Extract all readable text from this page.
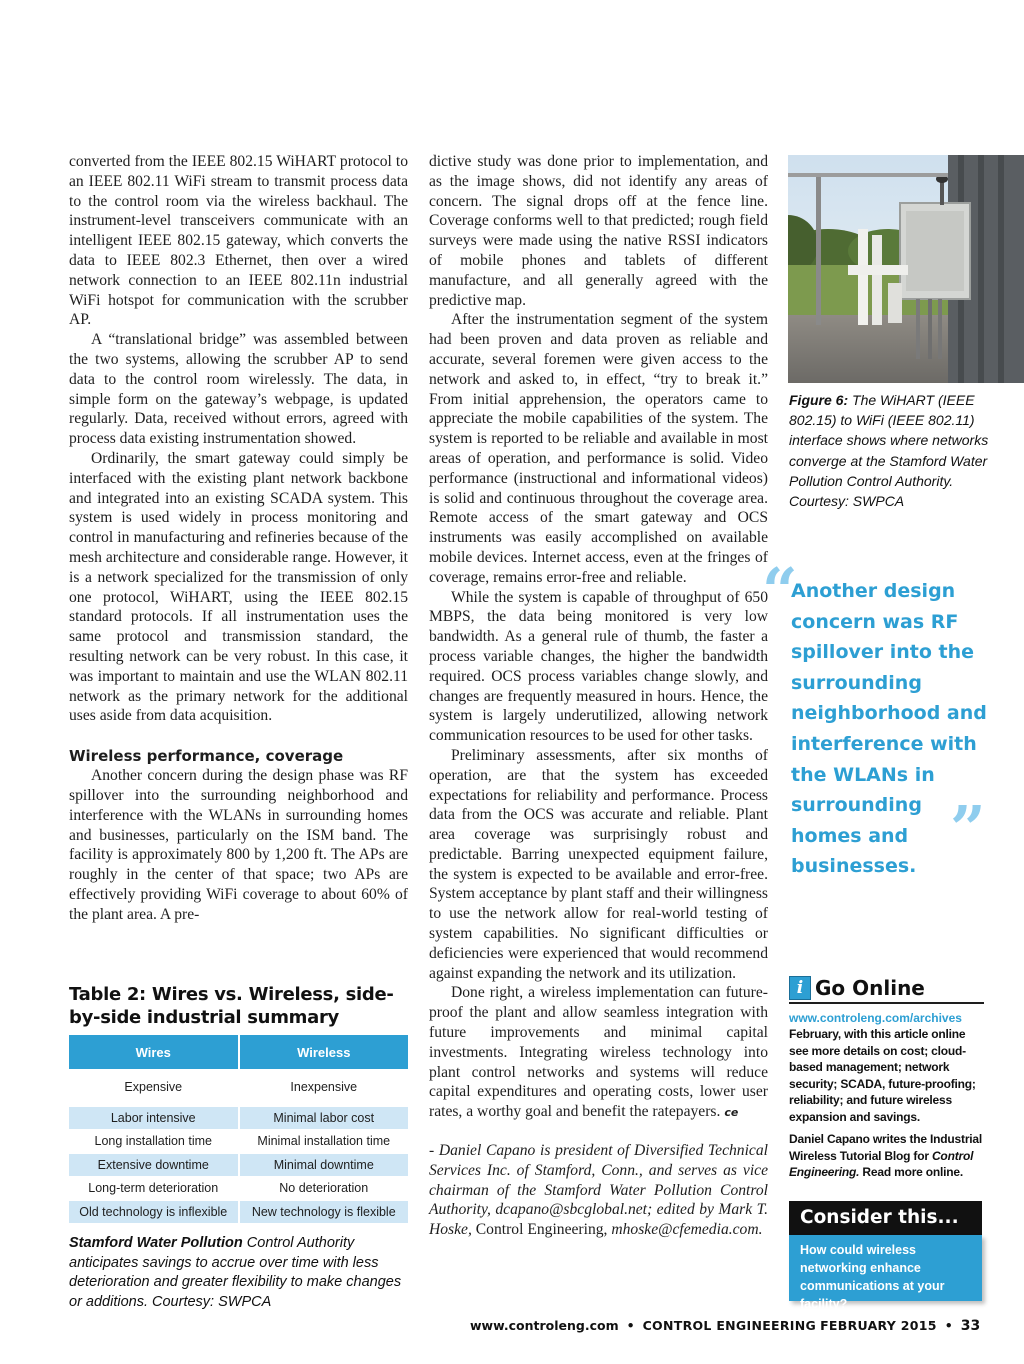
converted from the IEEE 802.15 WiHART protocol to an IEEE 802.11 WiFi stream to transmit process data to the control room via the wireless backhaul. The instrument-level transceivers communicate with an intelligent IEEE 802.15 gateway, which converts the data to IEEE 802.3 Ethernet, then over a wired network connection to an IEEE 802.11n industrial WiFi hotspot for communication with the scrubber AP.

A “translational bridge” was assembled between the two systems, allowing the scrubber AP to send data to the control room wirelessly. The data, in simple form on the gateway’s webpage, is updated regularly. Data, received without errors, agreed with process data existing instrumentation showed.

Ordinarily, the smart gateway could simply be interfaced with the existing plant network backbone and integrated into an existing SCADA system. This system is used widely in process monitoring and control in manufacturing and refineries because of the mesh architecture and considerable range. However, it is a network specialized for the transmission of only one protocol, WiHART, using the IEEE 802.15 standard protocols. If all instrumentation uses the same protocol and transmission standard, the resulting network can be very robust. In this case, it was important to maintain and use the WLAN 802.11 network as the primary network for the additional uses aside from data acquisition.

Wireless performance, coverage

Another concern during the design phase was RF spillover into the surrounding neighborhood and interference with the WLANs in surrounding homes and businesses, particularly on the ISM band. The facility is approximately 800 by 1,200 ft. The APs are roughly in the center of that space; two APs are effectively providing WiFi coverage to about 60% of the plant area. A pre-

Table 2: Wires vs. Wireless, side-by-side industrial summary
Wires	Wireless

Expensive	Inexpensive

Labor intensive	Minimal labor cost
Long installation time	Minimal installation time
Extensive downtime	Minimal downtime
Long-term deterioration	No deterioration
Old technology is inflexible	New technology is flexible
Stamford Water Pollution Control Authority anticipates savings to accrue over time with less deterioration and greater flexibility to make changes or additions. Courtesy: SWPCA

dictive study was done prior to implementation, and as the image shows, did not identify any areas of concern. The signal drops off at the fence line. Coverage conforms well to that predicted; rough field surveys were made using the native RSSI indicators of mobile phones and tablets of different manufacture, and all generally agreed with the predictive map.

After the instrumentation segment of the system had been proven and data proven as reliable and accurate, several foremen were given access to the network and asked to, in effect, “try to break it.” From initial apprehension, the operators came to appreciate the mobile capabilities of the system. The system is reported to be reliable and available in most areas of operation, and performance is solid. Video performance (instructional and informational videos) is solid and continuous throughout the coverage area. Remote access of the smart gateway and OCS instruments was easily accomplished on available mobile devices. Internet access, even at the fringes of coverage, remains error-free and reliable.

While the system is capable of throughput of 650 MBPS, the data being monitored is very low bandwidth. As a general rule of thumb, the faster a process variable changes, the higher the bandwidth required. OCS process variables change slowly, and changes are frequently measured in hours. Hence, the system is largely underutilized, allowing network communication resources to be used for other tasks.

Preliminary assessments, after six months of operation, are that the system has exceeded expectations for reliability and performance. Process data from the OCS was accurate and reliable. Plant area coverage was surprisingly robust and predictable. Barring unexpected equipment failure, the system is expected to be available and error-free. System acceptance by plant staff and their willingness to use the network allow for real-world testing of system capabilities. No significant difficulties or deficiencies were experienced that would recommend against expanding the network and its utilization.

Done right, a wireless implementation can future-proof the plant and allow seamless integration with future improvements and minimal capital investments. Integrating wireless technology into plant control networks and systems will reduce capital expenditures and operating costs, lower user rates, a worthy goal and benefit the ratepayers. ce

- Daniel Capano is president of Diversified Technical Services Inc. of Stamford, Conn., and serves as vice chairman of the Stamford Water Pollution Control Authority, dcapano@sbcglobal.net; edited by Mark T. Hoske, Control Engineering, mhoske@cfemedia.com.

Figure 6: The WiHART (IEEE 802.15) to WiFi (IEEE 802.11) interface shows where networks converge at the Stamford Water Pollution Control Authority. Courtesy: SWPCA
“
Another design concern was RF spillover into the surrounding neighborhood and interference with the WLANs in surrounding homes and businesses.
”
i Go Online
www.controleng.com/archives
February, with this article online see more details on cost; cloud-based management; network security; SCADA, future-proofing; reliability; and future wireless expansion and savings.
Daniel Capano writes the Industrial Wireless Tutorial Blog for Control Engineering. Read more online.
Consider this...
How could wireless networking enhance communications at your facility?
www.controleng.com • CONTROL ENGINEERING FEBRUARY 2015 • 33
